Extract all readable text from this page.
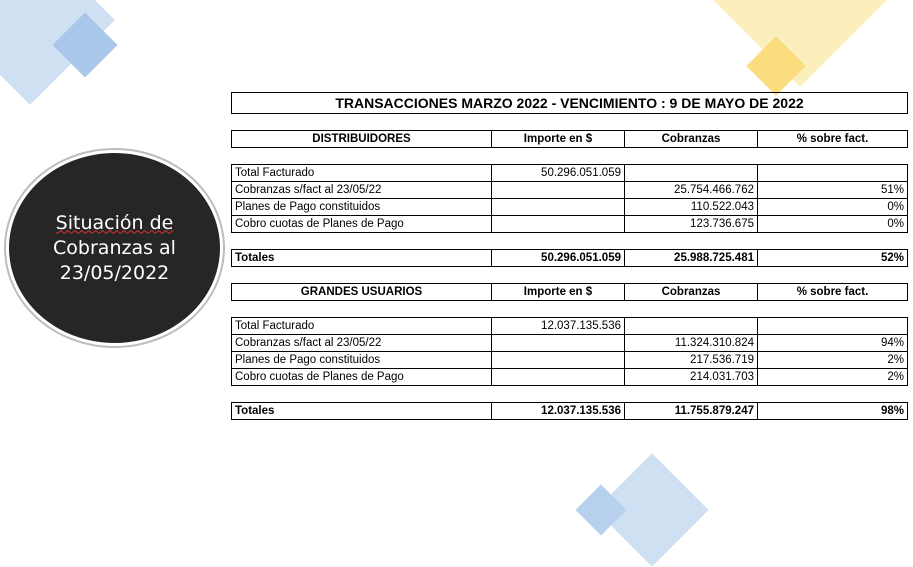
Situación de
Cobranzas al
23/05/2022
TRANSACCIONES MARZO 2022 - VENCIMIENTO : 9 DE MAYO DE 2022			

DISTRIBUIDORES	Importe en $	Cobranzas	% sobre fact.

Total Facturado	50.296.051.059		
Cobranzas s/fact al 23/05/22		25.754.466.762	51%
Planes de Pago constituidos		110.522.043	0%
Cobro cuotas de Planes de Pago		123.736.675	0%

Totales	50.296.051.059	25.988.725.481	52%

GRANDES USUARIOS	Importe en $	Cobranzas	% sobre fact.

Total Facturado	12.037.135.536		
Cobranzas s/fact al 23/05/22		11.324.310.824	94%
Planes de Pago constituidos		217.536.719	2%
Cobro cuotas de Planes de Pago		214.031.703	2%

Totales	12.037.135.536	11.755.879.247	98%
